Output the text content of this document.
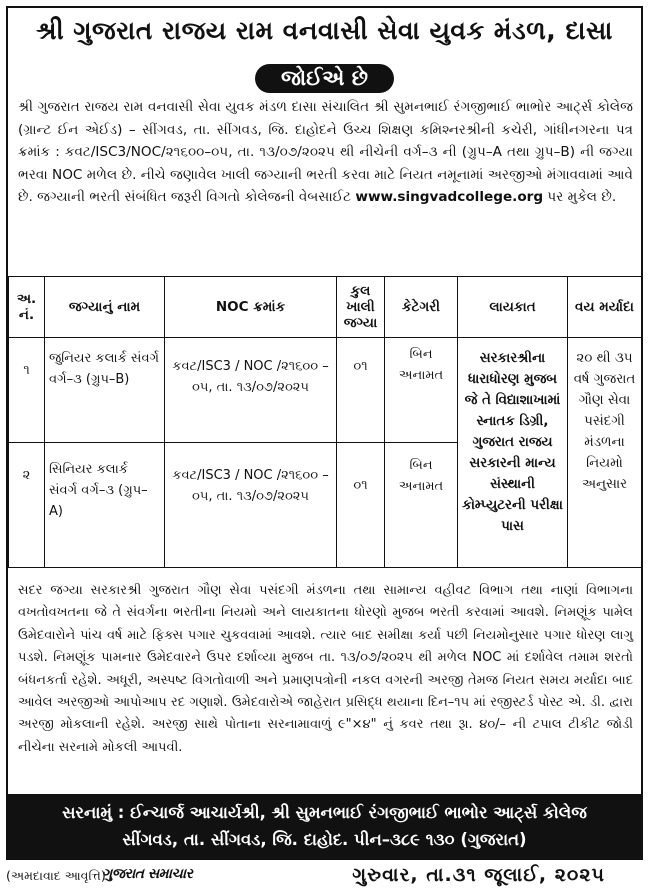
શ્રી ગુજરાત રાજય રામ વનવાસી સેવા યુવક મંડળ, દાસા
જોઈએ છે
શ્રી ગુજરાત રાજય રામ વનવાસી સેવા યુવક મંડળ દાસા સંચાલિત શ્રી સુમનભાઈ રંગજીભાઈ ભાભોર આર્ટ્સ કોલેજ (ગ્રાન્ટ ઈન એઈડ) – સીંગવડ, તા. સીંગવડ, જિ. દાહોદને ઉચ્ચ શિક્ષણ કમિશ્નરશ્રીની કચેરી, ગાંધીનગરના પત્ર ક્રમાંક : કવટ/ISC3/NOC/૨૧૬૦૦–૦૫, તા. ૧૩/૦૭/૨૦૨૫ થી નીચેની વર્ગ–૩ ની (ગ્રુપ–A તથા ગ્રુપ–B) ની જગ્યા ભરવા NOC મળેલ છે. નીચે જણાવેલ ખાલી જગ્યાની ભરતી કરવા માટે નિયત નમૂનામાં અરજીઓ મંગાવવામાં આવે છે. જગ્યાની ભરતી સંબંધિત જરૂરી વિગતો કોલેજની વેબસાઈટ www.singvadcollege.org પર મુકેલ છે.
અ. નં.	જગ્યાનું નામ	NOC ક્રમાંક	કુલ ખાલી જગ્યા	કેટેગરી	લાયકાત	વય મર્યાદા
૧	જુનિયર કલાર્ક સંવર્ગ વર્ગ–૩ (ગ્રુપ–B)	કવટ/ISC3 / NOC /૨૧૬૦૦ – ૦૫, તા. ૧૩/૦૭/૨૦૨૫	૦૧	બિન અનામત	સરકારશ્રીના ધારાધોરણ મુજબ જે તે વિદ્યાશાખામાં સ્નાતક ડિગ્રી, ગુજરાત રાજય સરકારની માન્ય સંસ્થાની કોમ્પ્યુટરની પરીક્ષા પાસ	૨૦ થી ૩૫ વર્ષ ગુજરાત ગૌણ સેવા પસંદગી મંડળના નિયમો અનુસાર
૨	સિનિયર કલાર્ક સંવર્ગ વર્ગ–૩ (ગ્રુપ–A)	કવટ/ISC3 / NOC /૨૧૬૦૦ – ૦૫, તા. ૧૩/૦૭/૨૦૨૫	૦૧	બિન અનામત		
સદર જગ્યા સરકારશ્રી ગુજરાત ગૌણ સેવા પસંદગી મંડળના તથા સામાન્ય વહીવટ વિભાગ તથા નાણાં વિભાગના વખતોવખતના જે તે સંવર્ગના ભરતીના નિયમો અને લાયકાતના ધોરણો મુજબ ભરતી કરવામાં આવશે. નિમણૂંક પામેલ ઉમેદવારોને પાંચ વર્ષ માટે ફિક્સ પગાર ચુકવવામાં આવશે. ત્યાર બાદ સમીક્ષા કર્યા પછી નિયમોનુસાર પગાર ધોરણ લાગુ પડશે. નિમણૂંક પામનાર ઉમેદવારને ઉપર દર્શાવ્યા મુજબ તા. ૧૩/૦૭/૨૦૨૫ થી મળેલ NOC માં દર્શાવેલ તમામ શરતો બંધનકર્તા રહેશે. અધૂરી, અસ્પષ્ટ વિગતોવાળી અને પ્રમાણપત્રોની નકલ વગરની અરજી તેમજ નિયત સમય મર્યાદા બાદ આવેલ અરજીઓ આપોઆપ રદ ગણાશે. ઉમેદવારોએ જાહેરાત પ્રસિદ્ધ થયાના દિન–૧૫ માં રજીસ્ટર્ડ પોસ્ટ એ. ડી. દ્વારા અરજી મોકલાની રહેશે. અરજી સાથે પોતાના સરનામાવાળું ૯"×૪" નું કવર તથા રૂા. ૪૦/– ની ટપાલ ટીકીટ જોડી નીચેના સરનામે મોકલી આપવી.
સરનામું : ઈન્ચાર્જ આચાર્યશ્રી, શ્રી સુમનભાઈ રંગજીભાઈ ભાભોર આર્ટ્સ કોલેજ
સીંગવડ, તા. સીંગવડ, જિ. દાહોદ. પીન–૩૮૯ ૧૩૦ (ગુજરાત)
(અમદાવાદ આવૃત્તિ)
ગુજરાત સમાચાર	ગુરુવાર, તા.૩૧ જૂલાઈ, ૨૦૨૫
